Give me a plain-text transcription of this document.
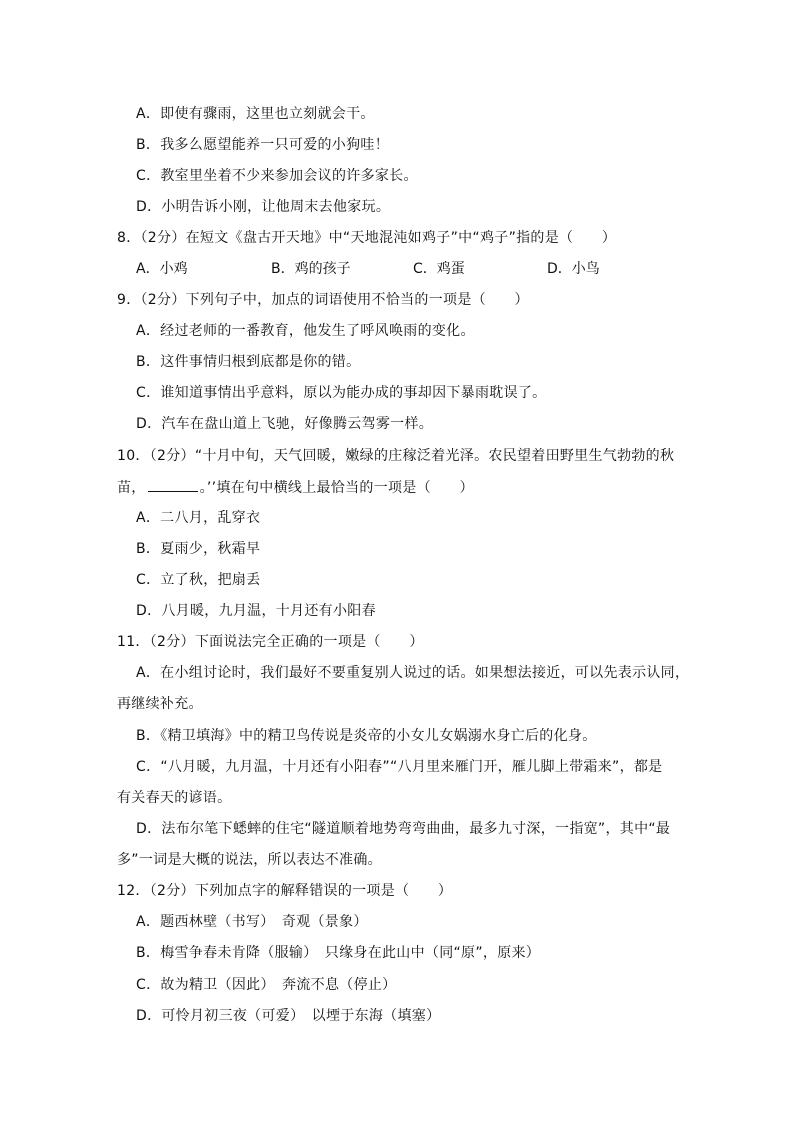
A．即使有骤雨，这里也立刻就会干。
B．我多么愿望能养一只可爱的小狗哇！
C．教室里坐着不少来参加会议的许多家长。
D．小明告诉小刚，让他周末去他家玩。
8．（2分）在短文《盘古开天地》中“天地混沌如鸡子”中“鸡子”指的是（　　）
A．小鸡	B．鸡的孩子	C．鸡蛋	D．小鸟
9．（2分）下列句子中，加点的词语使用不恰当的一项是（　　）
A．经过老师的一番教育，他发生了呼风唤雨的变化。
B．这件事情归根到底都是你的错。
C．谁知道事情出乎意料，原以为能办成的事却因下暴雨耽误了。
D．汽车在盘山道上飞驰，好像腾云驾雾一样。
10．（2分）“十月中旬，天气回暖，嫩绿的庄稼泛着光泽。农民望着田野里生气勃勃的秋
苗，	。’’填在句中横线上最恰当的一项是（　　）
A．二八月，乱穿衣
B．夏雨少，秋霜早
C．立了秋，把扇丢
D．八月暖，九月温，十月还有小阳春
11．（2分）下面说法完全正确的一项是（　　）
A．在小组讨论时，我们最好不要重复别人说过的话。如果想法接近，可以先表示认同，
再继续补充。
B．《精卫填海》中的精卫鸟传说是炎帝的小女儿女娲溺水身亡后的化身。
C．“八月暖，九月温，十月还有小阳春”“八月里来雁门开，雁儿脚上带霜来”，都是
有关春天的谚语。
D．法布尔笔下蟋蟀的住宅“隧道顺着地势弯弯曲曲，最多九寸深，一指宽”，其中“最
多”一词是大概的说法，所以表达不准确。
12．（2分）下列加点字的解释错误的一项是（　　）
A．题西林壁（书写）　奇观（景象）
B．梅雪争春未肯降（服输）　只缘身在此山中（同“原”，原来）
C．故为精卫（因此）　奔流不息（停止）
D．可怜月初三夜（可爱）　以堙于东海（填塞）
